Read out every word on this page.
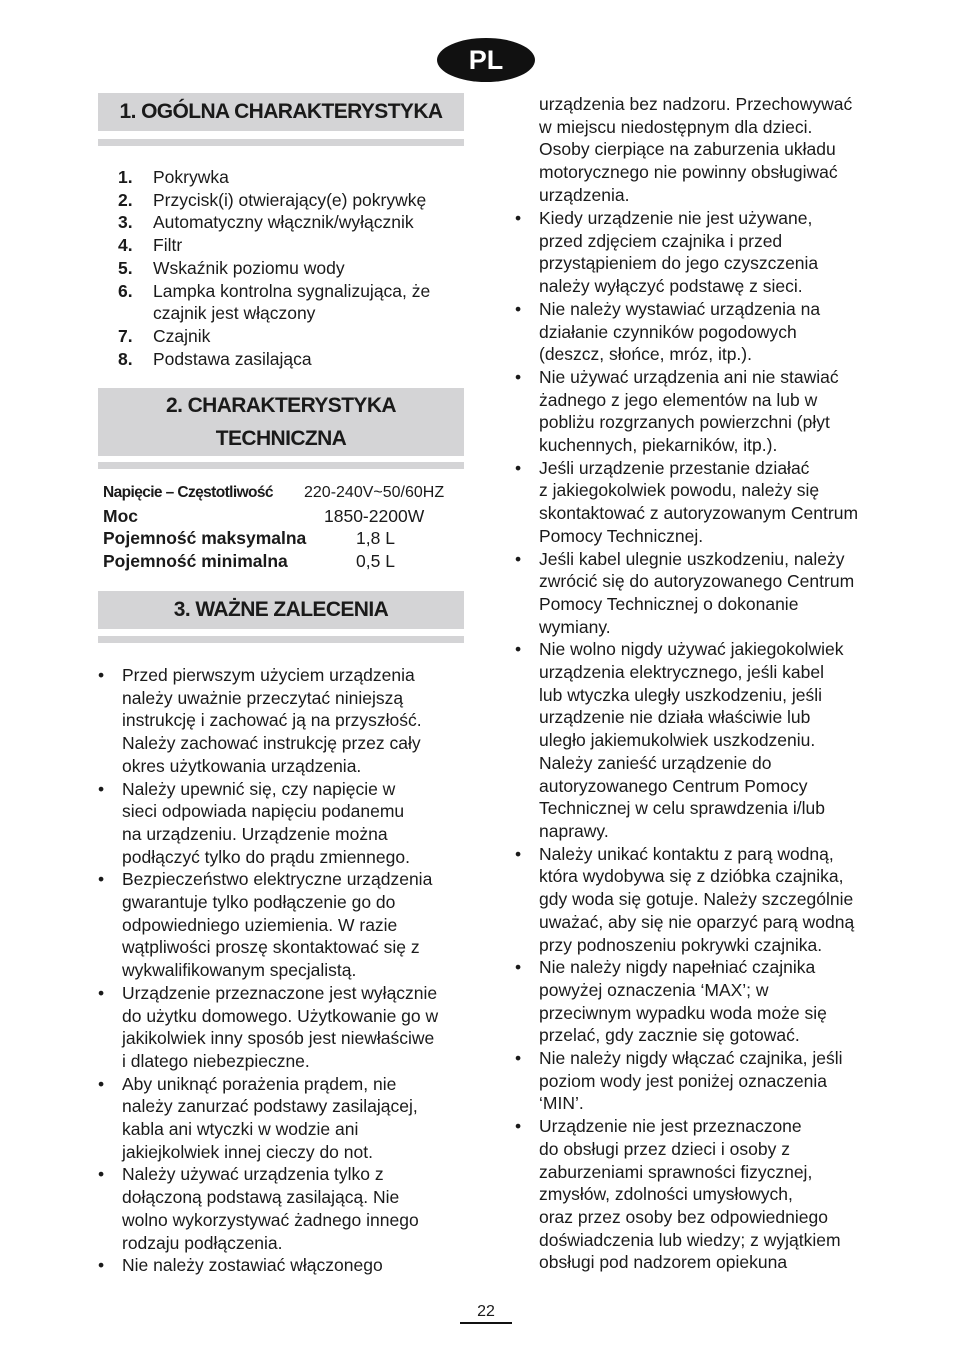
PL
1. OGÓLNA CHARAKTERYSTYKA
1.	Pokrywka
2.	Przycisk(i) otwierający(e) pokrywkę
3.	Automatyczny włącznik/wyłącznik
4.	Filtr
5.	Wskaźnik poziomu wody
6.	Lampka kontrolna sygnalizująca, że
czajnik jest włączony
7.	Czajnik
8.	Podstawa zasilająca
2. CHARAKTERYSTYKA
TECHNICZNA
Napięcie – Częstotliwość 220-240V~50/60HZ
Moc	1850-2200W
Pojemność maksymalna	1,8 L
Pojemność minimalna	0,5 L
3. WAŻNE ZALECENIA
• Przed pierwszym użyciem urządzenia
należy uważnie przeczytać niniejszą
instrukcję i zachować ją na przyszłość.
Należy zachować instrukcję przez cały
okres użytkowania urządzenia.
• Należy upewnić się, czy napięcie w
sieci odpowiada napięciu podanemu
na urządzeniu. Urządzenie można
podłączyć tylko do prądu zmiennego.
• Bezpieczeństwo elektryczne urządzenia
gwarantuje tylko podłączenie go do
odpowiedniego uziemienia. W razie
wątpliwości proszę skontaktować się z
wykwalifikowanym specjalistą.
• Urządzenie przeznaczone jest wyłącznie
do użytku domowego. Użytkowanie go w
jakikolwiek inny sposób jest niewłaściwe
i dlatego niebezpieczne.
• Aby uniknąć porażenia prądem, nie
należy zanurzać podstawy zasilającej,
kabla ani wtyczki w wodzie ani
jakiejkolwiek innej cieczy do not.
• Należy używać urządzenia tylko z
dołączoną podstawą zasilającą. Nie
wolno wykorzystywać żadnego innego
rodzaju podłączenia.
• Nie należy zostawiać włączonego
urządzenia bez nadzoru. Przechowywać
w miejscu niedostępnym dla dzieci.
Osoby cierpiące na zaburzenia układu
motorycznego nie powinny obsługiwać
urządzenia.
• Kiedy urządzenie nie jest używane,
przed zdjęciem czajnika i przed
przystąpieniem do jego czyszczenia
należy wyłączyć podstawę z sieci.
• Nie należy wystawiać urządzenia na
działanie czynników pogodowych
(deszcz, słońce, mróz, itp.).
• Nie używać urządzenia ani nie stawiać
żadnego z jego elementów na lub w
pobliżu rozgrzanych powierzchni (płyt
kuchennych, piekarników, itp.).
• Jeśli urządzenie przestanie działać
z jakiegokolwiek powodu, należy się
skontaktować z autoryzowanym Centrum
Pomocy Technicznej.
• Jeśli kabel ulegnie uszkodzeniu, należy
zwrócić się do autoryzowanego Centrum
Pomocy Technicznej o dokonanie
wymiany.
• Nie wolno nigdy używać jakiegokolwiek
urządzenia elektrycznego, jeśli kabel
lub wtyczka uległy uszkodzeniu, jeśli
urządzenie nie działa właściwie lub
uległo jakiemukolwiek uszkodzeniu.
Należy zanieść urządzenie do
autoryzowanego Centrum Pomocy
Technicznej w celu sprawdzenia i/lub
naprawy.
• Należy unikać kontaktu z parą wodną,
która wydobywa się z dzióbka czajnika,
gdy woda się gotuje. Należy szczególnie
uważać, aby się nie oparzyć parą wodną
przy podnoszeniu pokrywki czajnika.
• Nie należy nigdy napełniać czajnika
powyżej oznaczenia ‘MAX’; w
przeciwnym wypadku woda może się
przelać, gdy zacznie się gotować.
• Nie należy nigdy włączać czajnika, jeśli
poziom wody jest poniżej oznaczenia
‘MIN’.
• Urządzenie nie jest przeznaczone
do obsługi przez dzieci i osoby z
zaburzeniami sprawności fizycznej,
zmysłów, zdolności umysłowych,
oraz przez osoby bez odpowiedniego
doświadczenia lub wiedzy; z wyjątkiem
obsługi pod nadzorem opiekuna
22
